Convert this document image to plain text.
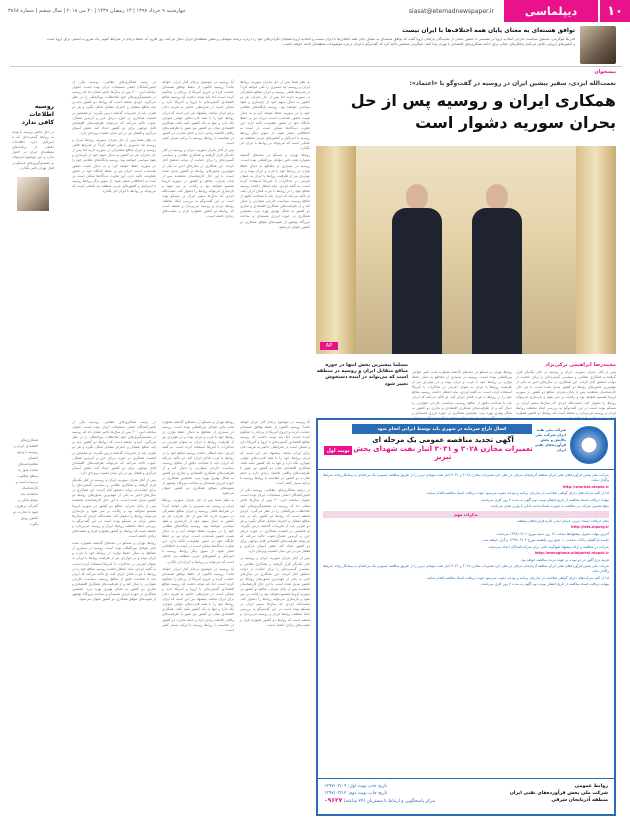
۱۰
دیپلماسی
siasat@etemadnewspaper.ir
چهارشنبه ۹ خرداد ۱۳۹۷ | ۱۳ رمضان ۱۴۳۹ | ۳۰ می ۲۰۱۸ | سال ششم | شماره ۳۸۶۸
توافق هسته‌ای به معنای پایان همه اختلاف‌ها با ایران نیست
فدریکا موگرینی، مسئول سیاست خارجی اتحادیه اروپا در نشستی با حضور جمعی از نمایندگان پارلمان اروپا گفت که توافق هسته‌ای به معنای پایان همه اختلاف‌ها با ایران نیست و اتحادیه اروپا همچنان نگرانی‌های خود را درباره برنامه موشکی و نقش منطقه‌ای ایران دنبال می‌کند. وی افزود که حفظ برجام در شرایط کنونی یک ضرورت امنیتی برای اروپا است و کشورهای اروپایی تلاش می‌کنند راهکارهای عملی برای ادامه همکاری‌های اقتصادی با تهران پیدا کنند. موگرینی همچنین تاکید کرد که گفت‌وگو با ایران درباره موضوعات منطقه‌ای ادامه خواهد داشت.
پیشخوان
نعمت‌الله ایزدی، سفیر پیشین ایران در روسیه در گفت‌وگو با «اعتماد»:
همکاری ایران و روسیه پس از حل بحران سوریه دشوار است
AP

به نظر شما پس از حل بحران سوریه، روابط ایران و روسیه چه مسیری را طی خواهد کرد؟ در شرایط فعلی روسیه و ایران منافع مشترکی در سوریه دارند اما پس از حل بحران، هر دو کشور به دنبال سهم خود از بازسازی و نفوذ سیاسی خواهند بود. روسیه پایگاه‌های نظامی خود را در سوریه حفظ خواهد کرد و به دنبال تثبیت حضور بلندمدت است. ایران نیز بر حفظ جایگاه خود در محور مقاومت تاکید دارد. این تفاوت دیدگاه‌ها ممکن است در آینده به اختلافاتی منجر شود. از سوی دیگر روابط روسیه با اسرائیل و کشورهای عربی منطقه نیز عاملی است که می‌تواند بر روابط با ایران اثر بگذارد.

روابط تهران و مسکو در دهه‌های گذشته همواره تحت تاثیر عوامل بین‌المللی بوده است. روسیه در بسیاری از مقاطع به دنبال حفظ توازن در روابط خود با غرب و ایران بوده و در مواردی نیز از ظرفیت روابط با ایران به عنوان اهرمی در مذاکرات با آمریکا استفاده کرده است. به گفته ایزدی، نباید انتظار داشت روسیه منافع خود را در روابط با غرب فدای ایران کند. او تاکید می‌کند که ایران باید با شناخت دقیق از منافع روسیه، سیاست خارجی متوازنی را دنبال کند و از ظرفیت‌های همکاری اقتصادی و تجاری دو کشور به شکل بهتری بهره ببرد. همچنین همکاری در حوزه انرژی هسته‌ای و ساخت نیروگاه بوشهر از نمونه‌های موفق همکاری دو کشور عنوان می‌شود.

آیا روسیه در موضوع برجام کنار ایران خواهد ماند؟ روسیه تاکنون از حفظ توافق هسته‌ای حمایت کرده و خروج آمریکا از برجام را محکوم کرده است. اما باید توجه داشت که روسیه منافع اقتصادی گسترده‌ای با اروپا و آمریکا دارد و ممکن است در شرایطی حاضر به هزینه دادن برای ایران نباشد. پیشنهاد من این است که ایران روابط خود را با همه قدرت‌های جهانی متوازن نگه دارد و تنها به یک کشور تکیه نکند. همکاری اقتصادی میان دو کشور نیز هنوز با ظرفیت‌های واقعی فاصله زیادی دارد و حجم تجارت دو کشور در مقایسه با روابط روسیه با ترکیه بسیار کمتر است.

پس از آغاز بحران سوریه، ایران و روسیه در کنار یکدیگر قرار گرفتند و همکاری نظامی و سیاسی گسترده‌ای را برای حمایت از دولت دمشق آغاز کردند. این همکاری در سال‌های اخیر به یکی از مهم‌ترین محورهای روابط دو کشور تبدیل شده است. با این حال کارشناسان معتقدند پس از پایان بحران، منافع دو کشور در سوریه لزوما همسو نخواهد بود و رقابت بر سر نفوذ و بازسازی می‌تواند روابط را دشوار کند. نعمت‌الله ایزدی که سال‌ها سفیر ایران در مسکو بوده است در این گفت‌وگو به بررسی ابعاد مختلف روابط ایران و روسیه می‌پردازد و معتقد است که روابط دو کشور همواره فراز و نشیب‌های زیادی داشته است.

در زمینه همکاری‌های نظامی، روسیه یکی از تامین‌کنندگان اصلی تسلیحات ایران بوده است. تحویل سامانه اس-۳۰۰ پس از سال‌ها تاخیر نشان داد که روسیه در تصمیم‌گیری‌های خود ملاحظات بین‌المللی را در نظر می‌گیرد. ایزدی معتقد است که روابط دو کشور باید بر پایه منافع متقابل و احترام متقابل شکل بگیرد و هر دو طرف باید از تجربیات گذشته درس بگیرند. او همچنین بر اهمیت همکاری در حوزه دریای خزر و کریدور شمال-جنوب تاکید می‌کند که می‌تواند ظرفیت‌های اقتصادی قابل توجهی برای دو کشور ایجاد کند. نقش آسیای مرکزی و قفقاز نیز در این میان اهمیت ویژه‌ای دارد.

به نظر شما پس از حل بحران سوریه، روابط ایران و روسیه چه مسیری را طی خواهد کرد؟ در شرایط فعلی روسیه و ایران منافع مشترکی در سوریه دارند اما پس از حل بحران، هر دو کشور به دنبال سهم خود از بازسازی و نفوذ سیاسی خواهند بود. روسیه پایگاه‌های نظامی خود را در سوریه حفظ خواهد کرد و به دنبال تثبیت حضور بلندمدت است. ایران نیز بر حفظ جایگاه خود در محور مقاومت تاکید دارد. این تفاوت دیدگاه‌ها ممکن است در آینده به اختلافاتی منجر شود. از سوی دیگر روابط روسیه با اسرائیل و کشورهای عربی منطقه نیز عاملی است که می‌تواند بر روابط با ایران اثر بگذارد.

محمدرضا ابراهیمی ترکی‌نژاد

پس از آغاز بحران سوریه، ایران و روسیه در کنار یکدیگر قرار گرفتند و همکاری نظامی و سیاسی گسترده‌ای را برای حمایت از دولت دمشق آغاز کردند. این همکاری در سال‌های اخیر به یکی از مهم‌ترین محورهای روابط دو کشور تبدیل شده است. با این حال کارشناسان معتقدند پس از پایان بحران، منافع دو کشور در سوریه لزوما همسو نخواهد بود و رقابت بر سر نفوذ و بازسازی می‌تواند روابط را دشوار کند. نعمت‌الله ایزدی که سال‌ها سفیر ایران در مسکو بوده است در این گفت‌وگو به بررسی ابعاد مختلف روابط ایران و روسیه می‌پردازد و معتقد است که روابط دو کشور همواره

روابط تهران و مسکو در دهه‌های گذشته همواره تحت تاثیر عوامل بین‌المللی بوده است. روسیه در بسیاری از مقاطع به دنبال حفظ توازن در روابط خود با غرب و ایران بوده و در مواردی نیز از ظرفیت روابط با ایران به عنوان اهرمی در مذاکرات با آمریکا استفاده کرده است. به گفته ایزدی، نباید انتظار داشت روسیه منافع خود را در روابط با غرب فدای ایران کند. او تاکید می‌کند که ایران باید با شناخت دقیق از منافع روسیه، سیاست خارجی متوازنی را دنبال کند و از ظرفیت‌های همکاری اقتصادی و تجاری دو کشور به شکل بهتری بهره ببرد. همچنین همکاری در حوزه انرژی هسته‌ای و

مسلما بیشترین بخش اینها در حوزه منافع متقابل ایران و روسیه در منطقه است که می‌تواند در آینده دستخوش تغییر شود

آیا روسیه در موضوع برجام کنار ایران خواهد ماند؟ روسیه تاکنون از حفظ توافق هسته‌ای حمایت کرده و خروج آمریکا از برجام را محکوم کرده است. اما باید توجه داشت که روسیه منافع اقتصادی گسترده‌ای با اروپا و آمریکا دارد و ممکن است در شرایطی حاضر به هزینه دادن برای ایران نباشد. پیشنهاد من این است که ایران روابط خود را با همه قدرت‌های جهانی متوازن نگه دارد و تنها به یک کشور تکیه نکند. همکاری اقتصادی میان دو کشور نیز هنوز با ظرفیت‌های واقعی فاصله زیادی دارد و حجم تجارت دو کشور در مقایسه با روابط روسیه با ترکیه بسیار کمتر است.

در زمینه همکاری‌های نظامی، روسیه یکی از تامین‌کنندگان اصلی تسلیحات ایران بوده است. تحویل سامانه اس-۳۰۰ پس از سال‌ها تاخیر نشان داد که روسیه در تصمیم‌گیری‌های خود ملاحظات بین‌المللی را در نظر می‌گیرد. ایزدی معتقد است که روابط دو کشور باید بر پایه منافع متقابل و احترام متقابل شکل بگیرد و هر دو طرف باید از تجربیات گذشته درس بگیرند. او همچنین بر اهمیت همکاری در حوزه دریای خزر و کریدور شمال-جنوب تاکید می‌کند که می‌تواند ظرفیت‌های اقتصادی قابل توجهی برای دو کشور ایجاد کند. نقش آسیای مرکزی و قفقاز نیز در این میان اهمیت ویژه‌ای دارد.

پس از آغاز بحران سوریه، ایران و روسیه در کنار یکدیگر قرار گرفتند و همکاری نظامی و سیاسی گسترده‌ای را برای حمایت از دولت دمشق آغاز کردند. این همکاری در سال‌های اخیر به یکی از مهم‌ترین محورهای روابط دو کشور تبدیل شده است. با این حال کارشناسان معتقدند پس از پایان بحران، منافع دو کشور در سوریه لزوما همسو نخواهد بود و رقابت بر سر نفوذ و بازسازی می‌تواند روابط را دشوار کند. نعمت‌الله ایزدی که سال‌ها سفیر ایران در مسکو بوده است در این گفت‌وگو به بررسی ابعاد مختلف روابط ایران و روسیه می‌پردازد و معتقد است که روابط دو کشور همواره فراز و نشیب‌های زیادی داشته است.

روابط تهران و مسکو در دهه‌های گذشته همواره تحت تاثیر عوامل بین‌المللی بوده است. روسیه در بسیاری از مقاطع به دنبال حفظ توازن در روابط خود با غرب و ایران بوده و در مواردی نیز از ظرفیت روابط با ایران به عنوان اهرمی در مذاکرات با آمریکا استفاده کرده است. به گفته ایزدی، نباید انتظار داشت روسیه منافع خود را در روابط با غرب فدای ایران کند. او تاکید می‌کند که ایران باید با شناخت دقیق از منافع روسیه، سیاست خارجی متوازنی را دنبال کند و از ظرفیت‌های همکاری اقتصادی و تجاری دو کشور به شکل بهتری بهره ببرد. همچنین همکاری در حوزه انرژی هسته‌ای و ساخت نیروگاه بوشهر از نمونه‌های موفق همکاری دو کشور عنوان می‌شود.

به نظر شما پس از حل بحران سوریه، روابط ایران و روسیه چه مسیری را طی خواهد کرد؟ در شرایط فعلی روسیه و ایران منافع مشترکی در سوریه دارند اما پس از حل بحران، هر دو کشور به دنبال سهم خود از بازسازی و نفوذ سیاسی خواهند بود. روسیه پایگاه‌های نظامی خود را در سوریه حفظ خواهد کرد و به دنبال تثبیت حضور بلندمدت است. ایران نیز بر حفظ جایگاه خود در محور مقاومت تاکید دارد. این تفاوت دیدگاه‌ها ممکن است در آینده به اختلافاتی منجر شود. از سوی دیگر روابط روسیه با اسرائیل و کشورهای عربی منطقه نیز عاملی است که می‌تواند بر روابط با ایران اثر بگذارد.

آیا روسیه در موضوع برجام کنار ایران خواهد ماند؟ روسیه تاکنون از حفظ توافق هسته‌ای حمایت کرده و خروج آمریکا از برجام را محکوم کرده است. اما باید توجه داشت که روسیه منافع اقتصادی گسترده‌ای با اروپا و آمریکا دارد و ممکن است در شرایطی حاضر به هزینه دادن برای ایران نباشد. پیشنهاد من این است که ایران روابط خود را با همه قدرت‌های جهانی متوازن نگه دارد و تنها به یک کشور تکیه نکند. همکاری اقتصادی میان دو کشور نیز هنوز با ظرفیت‌های واقعی فاصله زیادی دارد و حجم تجارت دو کشور در مقایسه با روابط روسیه با ترکیه بسیار کمتر است.

در زمینه همکاری‌های نظامی، روسیه یکی از تامین‌کنندگان اصلی تسلیحات ایران بوده است. تحویل سامانه اس-۳۰۰ پس از سال‌ها تاخیر نشان داد که روسیه در تصمیم‌گیری‌های خود ملاحظات بین‌المللی را در نظر می‌گیرد. ایزدی معتقد است که روابط دو کشور باید بر پایه منافع متقابل و احترام متقابل شکل بگیرد و هر دو طرف باید از تجربیات گذشته درس بگیرند. او همچنین بر اهمیت همکاری در حوزه دریای خزر و کریدور شمال-جنوب تاکید می‌کند که می‌تواند ظرفیت‌های اقتصادی قابل توجهی برای دو کشور ایجاد کند. نقش آسیای مرکزی و قفقاز نیز در این میان اهمیت ویژه‌ای دارد.

پس از آغاز بحران سوریه، ایران و روسیه در کنار یکدیگر قرار گرفتند و همکاری نظامی و سیاسی گسترده‌ای را برای حمایت از دولت دمشق آغاز کردند. این همکاری در سال‌های اخیر به یکی از مهم‌ترین محورهای روابط دو کشور تبدیل شده است. با این حال کارشناسان معتقدند پس از پایان بحران، منافع دو کشور در سوریه لزوما همسو نخواهد بود و رقابت بر سر نفوذ و بازسازی می‌تواند روابط را دشوار کند. نعمت‌الله ایزدی که سال‌ها سفیر ایران در مسکو بوده است در این گفت‌وگو به بررسی ابعاد مختلف روابط ایران و روسیه می‌پردازد و معتقد است که روابط دو کشور همواره فراز و نشیب‌های زیادی داشته است.

روابط تهران و مسکو در دهه‌های گذشته همواره تحت تاثیر عوامل بین‌المللی بوده است. روسیه در بسیاری از مقاطع به دنبال حفظ توازن در روابط خود با غرب و ایران بوده و در مواردی نیز از ظرفیت روابط با ایران به عنوان اهرمی در مذاکرات با آمریکا استفاده کرده است. به گفته ایزدی، نباید انتظار داشت روسیه منافع خود را در روابط با غرب فدای ایران کند. او تاکید می‌کند که ایران باید با شناخت دقیق از منافع روسیه، سیاست خارجی متوازنی را دنبال کند و از ظرفیت‌های همکاری اقتصادی و تجاری دو کشور به شکل بهتری بهره ببرد. همچنین همکاری در حوزه انرژی هسته‌ای و ساخت نیروگاه بوشهر از نمونه‌های موفق همکاری دو کشور عنوان می‌شود.

روسیه اطلاعات کافی ندارد
در حال حاضر روسیه با توجه به روابط گسترده‌ای که با اسرائیل دارد، اطلاعات دقیقی از برنامه‌های منطقه‌ای ایران در اختیار ندارد و این موضوع می‌تواند بر تصمیم‌گیری‌های مسکو در قبال تهران تاثیر بگذارد.
همکاری‌های اقتصادی ایران و روسیه با وجود امضای تفاهم‌نامه‌های متعدد هنوز به سطح مطلوب نرسیده است و کارشناسان معتقدند باید موانع بانکی و گمرکی برطرف شود تا تجارت دو کشور رونق بگیرد.
شرکت ملی نفت ایران شرکت ملی پالایش و پخش فرآورده‌های نفتی ایران
کسال تاراج سرمایه در شهری باید توسط ایرانی انجام شود
آگهی تجدید مناقصه عمومی یک مرحله ای
تعمیرات مخازن ۳۰۲۸ و ۳۰۳۱ انبار نفت شهدای پخش تبریز
نوبت اول

شرکت ملی پخش فرآورده‌های نفتی ایران منطقه آذربایجان شرقی در نظر دارد تعمیرات مخازن ۳۰۲۸ و ۳۰۳۱ انبار نفت شهدای تبریز را از طریق مناقصه عمومی یک مرحله‌ای به پیمانکار واجد شرایط واگذار نماید.

http://sherkat.niopdc.ir

لذا از کلیه شرکت‌های دارای گواهی صلاحیت از سازمان برنامه و بودجه دعوت می‌شود جهت دریافت اسناد مناقصه اقدام نمایند.

مهلت دریافت اسناد مناقصه از تاریخ انتشار نوبت دوم آگهی به مدت ۷ روز کاری می‌باشد.

مبلغ تضمین شرکت در مناقصه به صورت ضمانت‌نامه بانکی یا واریز نقدی می‌باشد.

تذکرات مهم

محل دریافت اسناد: تبریز، خیابان امام، اداره قراردادهای منطقه.

http://iets.mporg.ir

آخرین مهلت تحویل پیشنهادها ساعت ۱۴ روز شنبه مورخ ۱۳۹۷/۰۴/۰۲ می‌باشد.

جلسه بازگشایی پاکات ساعت ۱۰ صبح روز یکشنبه مورخ ۱۳۹۷/۰۴/۰۳ برگزار خواهد شد.

شرکت در مناقصه و ارائه پیشنهاد هیچ‌گونه حقی برای شرکت‌کنندگان ایجاد نمی‌نماید.

http://monaghese.oildportal.niopdc.ir

هزینه درج آگهی در دو نوبت بر عهده برنده مناقصه خواهد بود.

شرکت ملی پخش فرآورده‌های نفتی ایران منطقه آذربایجان شرقی در نظر دارد تعمیرات مخازن ۳۰۲۸ و ۳۰۳۱ انبار نفت شهدای تبریز را از طریق مناقصه عمومی یک مرحله‌ای به پیمانکار واجد شرایط واگذار نماید.

لذا از کلیه شرکت‌های دارای گواهی صلاحیت از سازمان برنامه و بودجه دعوت می‌شود جهت دریافت اسناد مناقصه اقدام نمایند.

مهلت دریافت اسناد مناقصه از تاریخ انتشار نوبت دوم آگهی به مدت ۷ روز کاری می‌باشد.

روابط عمومی
شرکت ملی پخش فرآورده‌های نفتی ایران
منطقه آذربایجان شرقی
تاریخ چاپ نوبت اول: ۱۳۹۷/۰۳/۰۹
تاریخ چاپ نوبت دوم: ۱۳۹۷/۰۳/۱۲
مرکز پاسخگویی و ارتباط با مشتریان (۲۴ ساعته) ۰۹۶۲۷
